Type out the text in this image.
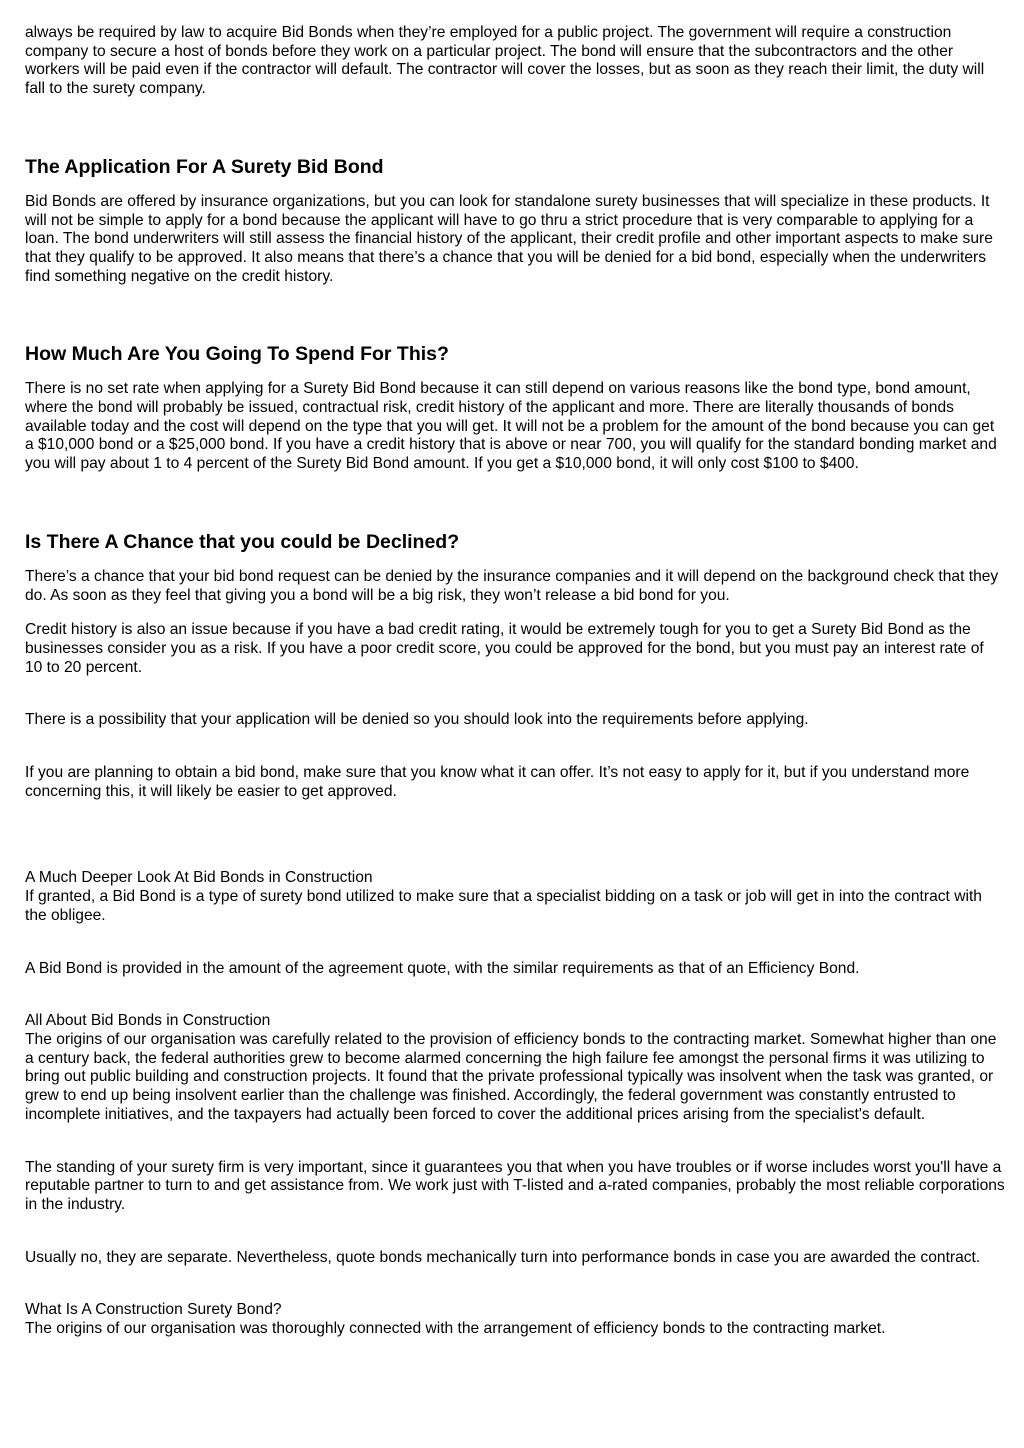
always be required by law to acquire Bid Bonds when they’re employed for a public project. The government will require a construction company to secure a host of bonds before they work on a particular project. The bond will ensure that the subcontractors and the other workers will be paid even if the contractor will default. The contractor will cover the losses, but as soon as they reach their limit, the duty will fall to the surety company.

The Application For A Surety Bid Bond

Bid Bonds are offered by insurance organizations, but you can look for standalone surety businesses that will specialize in these products. It will not be simple to apply for a bond because the applicant will have to go thru a strict procedure that is very comparable to applying for a loan. The bond underwriters will still assess the financial history of the applicant, their credit profile and other important aspects to make sure that they qualify to be approved. It also means that there’s a chance that you will be denied for a bid bond, especially when the underwriters find something negative on the credit history.

How Much Are You Going To Spend For This?

There is no set rate when applying for a Surety Bid Bond because it can still depend on various reasons like the bond type, bond amount, where the bond will probably be issued, contractual risk, credit history of the applicant and more. There are literally thousands of bonds available today and the cost will depend on the type that you will get. It will not be a problem for the amount of the bond because you can get a $10,000 bond or a $25,000 bond. If you have a credit history that is above or near 700, you will qualify for the standard bonding market and you will pay about 1 to 4 percent of the Surety Bid Bond amount. If you get a $10,000 bond, it will only cost $100 to $400.

Is There A Chance that you could be Declined?

There’s a chance that your bid bond request can be denied by the insurance companies and it will depend on the background check that they do. As soon as they feel that giving you a bond will be a big risk, they won’t release a bid bond for you.

Credit history is also an issue because if you have a bad credit rating, it would be extremely tough for you to get a Surety Bid Bond as the businesses consider you as a risk. If you have a poor credit score, you could be approved for the bond, but you must pay an interest rate of 10 to 20 percent.

There is a possibility that your application will be denied so you should look into the requirements before applying.

If you are planning to obtain a bid bond, make sure that you know what it can offer. It’s not easy to apply for it, but if you understand more concerning this, it will likely be easier to get approved.

A Much Deeper Look At Bid Bonds in Construction

If granted, a Bid Bond is a type of surety bond utilized to make sure that a specialist bidding on a task or job will get in into the contract with the obligee.

A Bid Bond is provided in the amount of the agreement quote, with the similar requirements as that of an Efficiency Bond.

All About Bid Bonds in Construction

The origins of our organisation was carefully related to the provision of efficiency bonds to the contracting market. Somewhat higher than one a century back, the federal authorities grew to become alarmed concerning the high failure fee amongst the personal firms it was utilizing to bring out public building and construction projects. It found that the private professional typically was insolvent when the task was granted, or grew to end up being insolvent earlier than the challenge was finished. Accordingly, the federal government was constantly entrusted to incomplete initiatives, and the taxpayers had actually been forced to cover the additional prices arising from the specialist's default.

The standing of your surety firm is very important, since it guarantees you that when you have troubles or if worse includes worst you'll have a reputable partner to turn to and get assistance from. We work just with T-listed and a-rated companies, probably the most reliable corporations in the industry.

Usually no, they are separate. Nevertheless, quote bonds mechanically turn into performance bonds in case you are awarded the contract.

What Is A Construction Surety Bond?

The origins of our organisation was thoroughly connected with the arrangement of efficiency bonds to the contracting market.
